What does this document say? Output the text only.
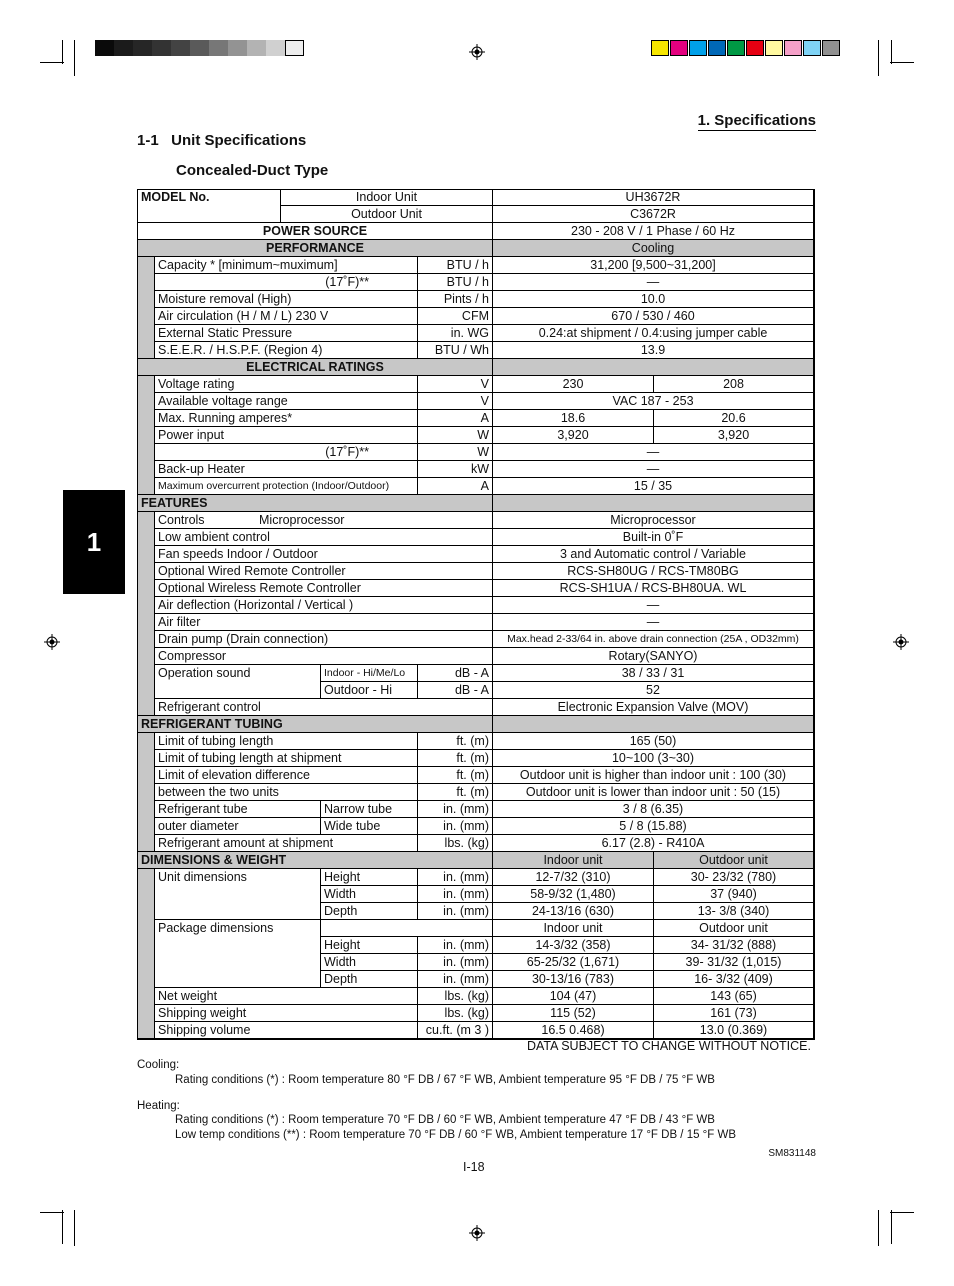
1. Specifications
1-1   Unit Specifications
Concealed-Duct Type
1
MODEL No.	Indoor Unit	UH3672R
Outdoor Unit	C3672R
POWER SOURCE	230 - 208 V / 1 Phase / 60 Hz
PERFORMANCE	Cooling
Capacity * [minimum~muximum]	BTU / h	31,200 [9,500~31,200]
(17˚F)**	BTU / h	—
Moisture removal (High)	Pints / h	10.0
Air circulation (H / M / L) 230 V	CFM	670 / 530 / 460
External Static Pressure	in. WG	0.24:at shipment / 0.4:using jumper cable
S.E.E.R. / H.S.P.F. (Region 4)	BTU / Wh	13.9
ELECTRICAL RATINGS
Voltage rating	V	230	208
Available voltage range	V	VAC 187 - 253
Max. Running amperes*	A	18.6	20.6
Power input	W	3,920	3,920
(17˚F)**	W	—
Back-up Heater	kW	—
Maximum overcurrent protection (Indoor/Outdoor)	A	15 / 35
FEATURES
Controls	Microprocessor	Microprocessor
Low ambient control	Built-in 0˚F
Fan speeds Indoor / Outdoor	3 and Automatic control / Variable
Optional Wired Remote Controller	RCS-SH80UG / RCS-TM80BG
Optional Wireless Remote Controller	RCS-SH1UA / RCS-BH80UA. WL
Air deflection (Horizontal / Vertical )	—
Air filter	—
Drain pump (Drain connection)	Max.head 2-33/64 in. above drain connection (25A , OD32mm)
Compressor	Rotary(SANYO)
Operation sound	Indoor - Hi/Me/Lo	dB - A	38 / 33 / 31
Outdoor - Hi	dB - A	52
Refrigerant control	Electronic Expansion Valve (MOV)
REFRIGERANT TUBING
Limit of tubing length	ft. (m)	165 (50)
Limit of tubing length at shipment	ft. (m)	10~100 (3~30)
Limit of elevation difference	ft. (m)	Outdoor unit is higher than indoor unit : 100 (30)
between the two units	ft. (m)	Outdoor unit is lower than indoor unit : 50 (15)
Refrigerant tube	Narrow tube	in. (mm)	3 / 8 (6.35)
outer diameter	Wide tube	in. (mm)	5 / 8 (15.88)
Refrigerant amount at shipment	lbs. (kg)	6.17 (2.8) - R410A
DIMENSIONS & WEIGHT	Indoor unit	Outdoor unit
Unit dimensions	Height	in. (mm)	12-7/32 (310)	30- 23/32 (780)
Width	in. (mm)	58-9/32 (1,480)	37 (940)
Depth	in. (mm)	24-13/16 (630)	13- 3/8 (340)
Package dimensions	Indoor unit	Outdoor unit
Height	in. (mm)	14-3/32 (358)	34- 31/32 (888)
Width	in. (mm)	65-25/32 (1,671)	39- 31/32 (1,015)
Depth	in. (mm)	30-13/16 (783)	16- 3/32 (409)
Net weight	lbs. (kg)	104 (47)	143 (65)
Shipping weight	lbs. (kg)	115 (52)	161 (73)
Shipping volume	cu.ft. (m 3 )	16.5 0.468)	13.0 (0.369)
DATA SUBJECT TO CHANGE WITHOUT NOTICE.
Cooling:
Rating conditions (*) : Room temperature 80 °F DB / 67 °F WB, Ambient temperature 95 °F DB / 75 °F WB
Heating:
Rating conditions (*) : Room temperature 70 °F DB / 60 °F WB, Ambient temperature 47 °F DB / 43 °F WB
Low temp conditions (**) : Room temperature 70 °F DB / 60 °F WB, Ambient temperature 17 °F DB / 15 °F WB
SM831148
I-18
